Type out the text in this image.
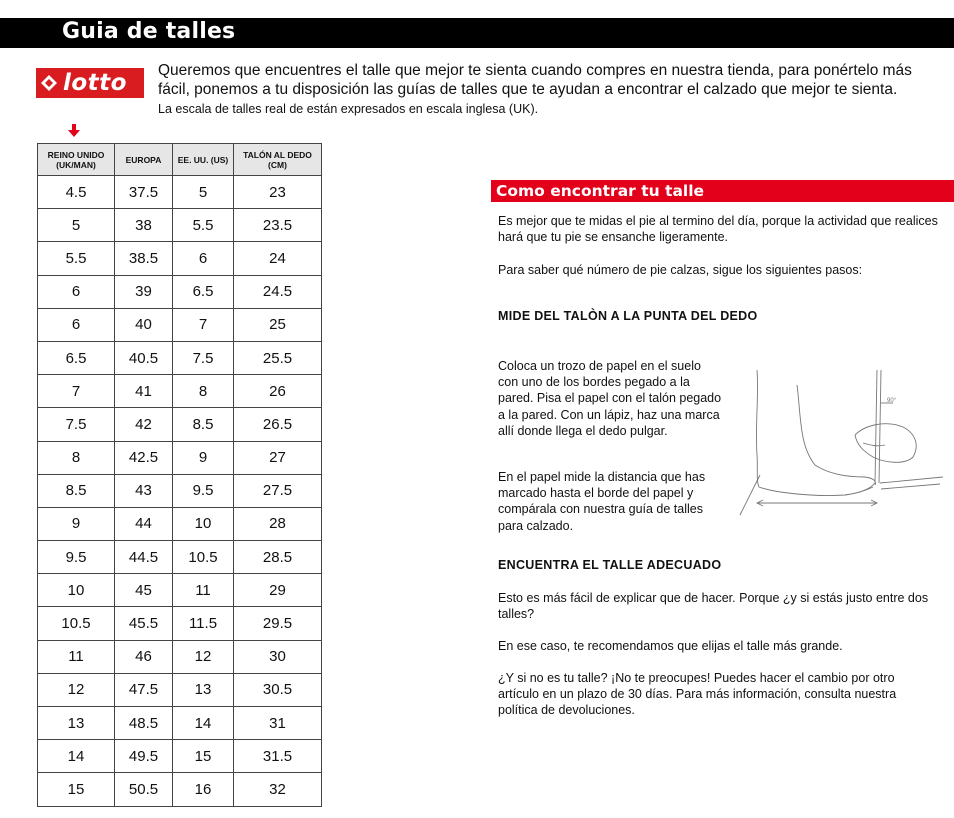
Guia de talles
lotto Queremos que encuentres el talle que mejor te sienta cuando compres en nuestra tienda, para ponértelo más fácil, ponemos a tu disposición las guías de talles que te ayudan a encontrar el calzado que mejor te sienta.
La escala de talles real de están expresados en escala inglesa (UK).
REINO UNIDO (UK/MAN)	EUROPA	EE. UU. (US)	TALÓN AL DEDO (CM)
4.5	37.5	5	23
5	38	5.5	23.5
5.5	38.5	6	24
6	39	6.5	24.5
6	40	7	25
6.5	40.5	7.5	25.5
7	41	8	26
7.5	42	8.5	26.5
8	42.5	9	27
8.5	43	9.5	27.5
9	44	10	28
9.5	44.5	10.5	28.5
10	45	11	29
10.5	45.5	11.5	29.5
11	46	12	30
12	47.5	13	30.5
13	48.5	14	31
14	49.5	15	31.5
15	50.5	16	32
Como encontrar tu talle
Es mejor que te midas el pie al termino del día, porque la actividad que realices hará que tu pie se ensanche ligeramente.
Para saber qué número de pie calzas, sigue los siguientes pasos:
MIDE DEL TALÒN A LA PUNTA DEL DEDO
Coloca un trozo de papel en el suelo con uno de los bordes pegado a la pared. Pisa el papel con el talón pegado a la pared. Con un lápiz, haz una marca allí donde llega el dedo pulgar.
En el papel mide la distancia que has marcado hasta el borde del papel y compárala con nuestra guía de talles para calzado.
ENCUENTRA EL TALLE ADECUADO
Esto es más fácil de explicar que de hacer. Porque ¿y si estás justo entre dos talles?
En ese caso, te recomendamos que elijas el talle más grande.
¿Y si no es tu talle? ¡No te preocupes! Puedes hacer el cambio por otro artículo en un plazo de 30 días. Para más información, consulta nuestra política de devoluciones.
90°
